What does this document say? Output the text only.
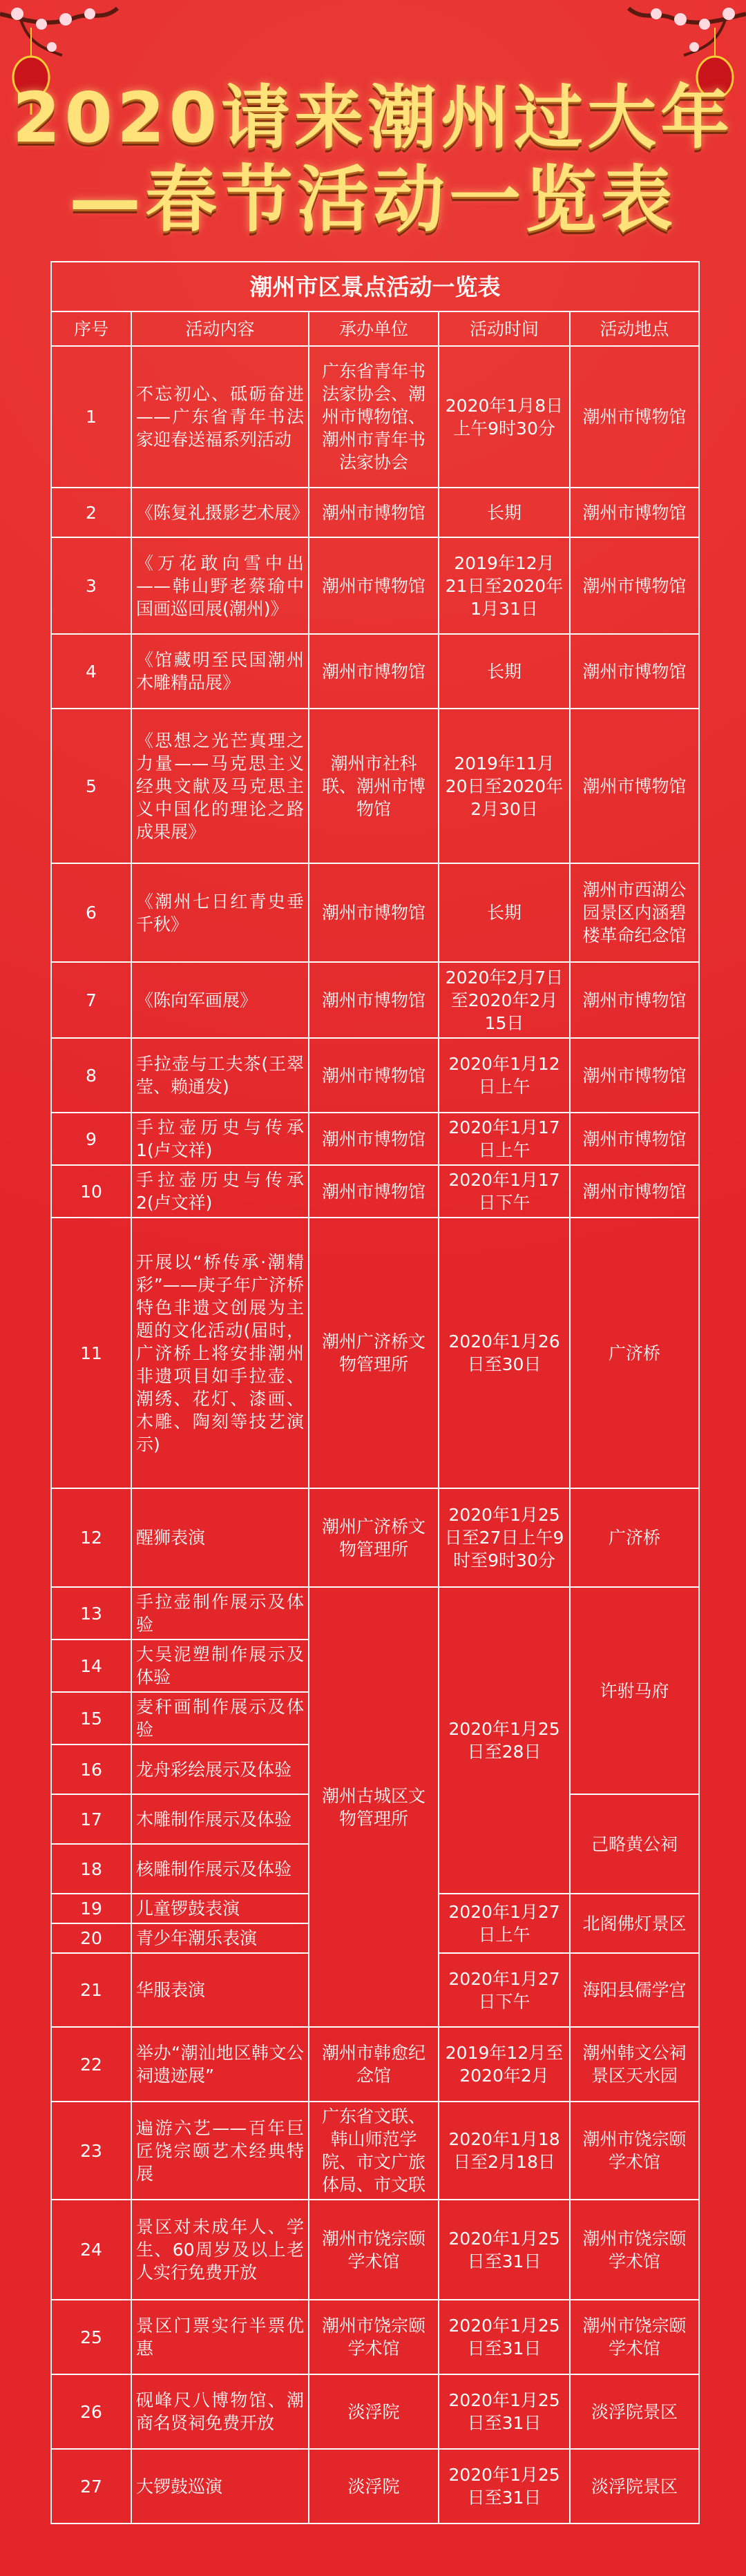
2020请来潮州过大年
—春节活动一览表
潮州市区景点活动一览表				
序号	活动内容	承办单位	活动时间	活动地点
1	不忘初心、砥砺奋进——广东省青年书法家迎春送福系列活动	广东省青年书法家协会、潮州市博物馆、潮州市青年书法家协会	2020年1月8日上午9时30分	潮州市博物馆
2	《陈复礼摄影艺术展》	潮州市博物馆	长期	潮州市博物馆
3	《万花敢向雪中出——韩山野老蔡瑜中国画巡回展(潮州)》	潮州市博物馆	2019年12月21日至2020年1月31日	潮州市博物馆
4	《馆藏明至民国潮州木雕精品展》	潮州市博物馆	长期	潮州市博物馆
5	《思想之光芒真理之力量——马克思主义经典文献及马克思主义中国化的理论之路成果展》	潮州市社科联、潮州市博物馆	2019年11月20日至2020年2月30日	潮州市博物馆
6	《潮州七日红青史垂千秋》	潮州市博物馆	长期	潮州市西湖公园景区内涵碧楼革命纪念馆
7	《陈向军画展》	潮州市博物馆	2020年2月7日至2020年2月15日	潮州市博物馆
8	手拉壶与工夫茶(王翠莹、赖通发)	潮州市博物馆	2020年1月12日上午	潮州市博物馆
9	手拉壶历史与传承1(卢文祥)	潮州市博物馆	2020年1月17日上午	潮州市博物馆
10	手拉壶历史与传承2(卢文祥)	潮州市博物馆	2020年1月17日下午	潮州市博物馆
11	开展以“桥传承·潮精彩”——庚子年广济桥特色非遗文创展为主题的文化活动(届时，广济桥上将安排潮州非遗项目如手拉壶、潮绣、花灯、漆画、木雕、陶刻等技艺演示)	潮州广济桥文物管理所	2020年1月26日至30日	广济桥
12	醒狮表演	潮州广济桥文物管理所	2020年1月25日至27日上午9时至9时30分	广济桥
13	手拉壶制作展示及体验	潮州古城区文物管理所	2020年1月25日至28日	许驸马府
14	大吴泥塑制作展示及体验			
15	麦秆画制作展示及体验			
16	龙舟彩绘展示及体验			
17	木雕制作展示及体验			己略黄公祠
18	核雕制作展示及体验			
19	儿童锣鼓表演		2020年1月27日上午	北阁佛灯景区
20	青少年潮乐表演			
21	华服表演		2020年1月27日下午	海阳县儒学宫
22	举办“潮汕地区韩文公祠遗迹展”	潮州市韩愈纪念馆	2019年12月至2020年2月	潮州韩文公祠景区天水园
23	遍游六艺——百年巨匠饶宗颐艺术经典特展	广东省文联、韩山师范学院、市文广旅体局、市文联	2020年1月18日至2月18日	潮州市饶宗颐学术馆
24	景区对未成年人、学生、60周岁及以上老人实行免费开放	潮州市饶宗颐学术馆	2020年1月25日至31日	潮州市饶宗颐学术馆
25	景区门票实行半票优惠	潮州市饶宗颐学术馆	2020年1月25日至31日	潮州市饶宗颐学术馆
26	砚峰尺八博物馆、潮商名贤祠免费开放	淡浮院	2020年1月25日至31日	淡浮院景区
27	大锣鼓巡演	淡浮院	2020年1月25日至31日	淡浮院景区
